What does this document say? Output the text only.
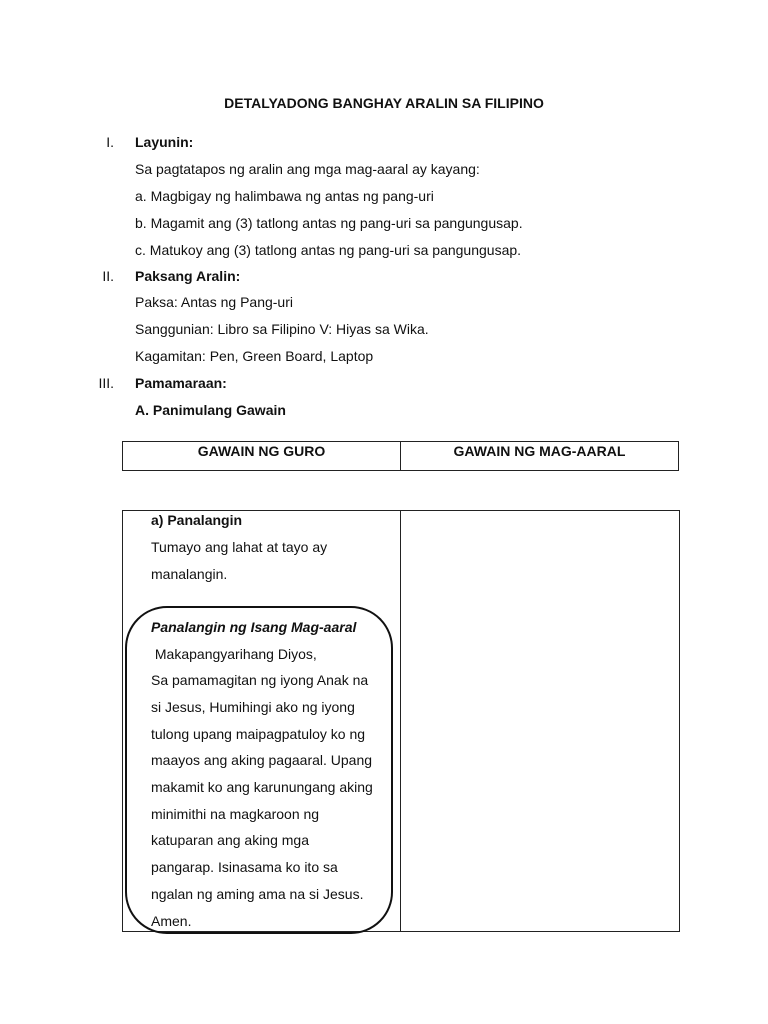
DETALYADONG BANGHAY ARALIN SA FILIPINO
I. Layunin:
Sa pagtatapos ng aralin ang mga mag-aaral ay kayang:
a. Magbigay ng halimbawa ng antas ng pang-uri
b. Magamit ang (3) tatlong antas ng pang-uri sa pangungusap.
c. Matukoy ang (3) tatlong antas ng pang-uri sa pangungusap.
II. Paksang Aralin:
Paksa: Antas ng Pang-uri
Sanggunian: Libro sa Filipino V: Hiyas sa Wika.
Kagamitan: Pen, Green Board, Laptop
III. Pamamaraan:
A. Panimulang Gawain
GAWAIN NG GURO	GAWAIN NG MAG-AARAL
a) Panalangin
Tumayo ang lahat at tayo ay
manalangin.
Panalangin ng Isang Mag-aaral
Makapangyarihang Diyos,
Sa pamamagitan ng iyong Anak na
si Jesus, Humihingi ako ng iyong
tulong upang maipagpatuloy ko ng
maayos ang aking pagaaral. Upang
makamit ko ang karunungang aking
minimithi na magkaroon ng
katuparan ang aking mga
pangarap. Isinasama ko ito sa
ngalan ng aming ama na si Jesus.
Amen.
